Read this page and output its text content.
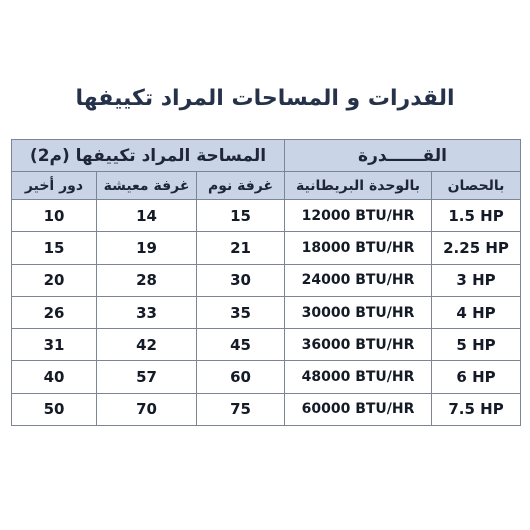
القدرات و المساحات المراد تكييفها
القــــــدرة		المساحة المراد تكييفها (م2)		
بالحصان	بالوحدة البريطانية	غرفة نوم	غرفة معيشة	دور أخير
1.5 HP	12000 BTU/HR	15	14	10
2.25 HP	18000 BTU/HR	21	19	15
3 HP	24000 BTU/HR	30	28	20
4 HP	30000 BTU/HR	35	33	26
5 HP	36000 BTU/HR	45	42	31
6 HP	48000 BTU/HR	60	57	40
7.5 HP	60000 BTU/HR	75	70	50
